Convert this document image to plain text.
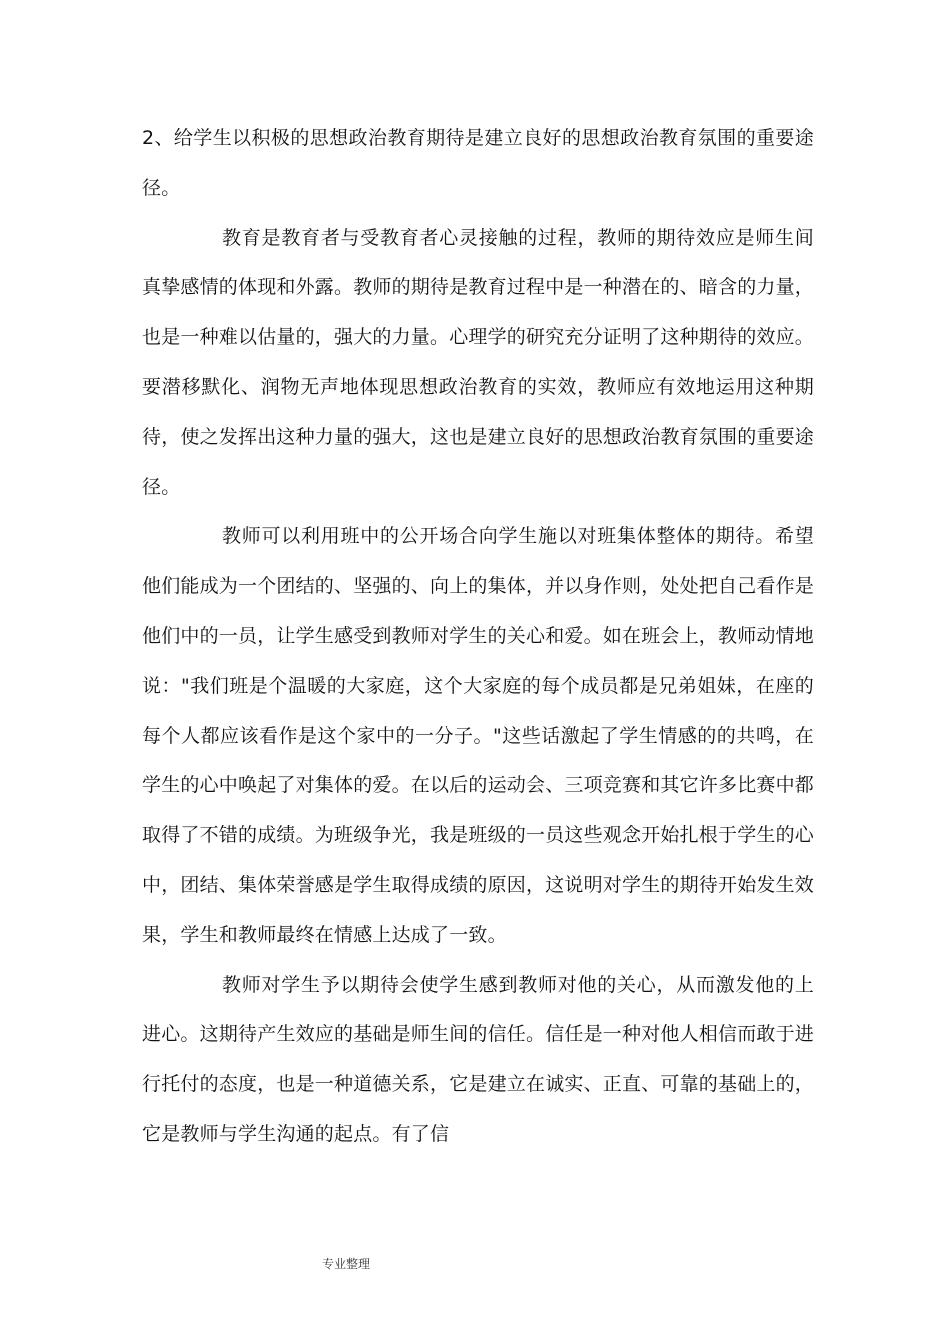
2、给学生以积极的思想政治教育期待是建立良好的思想政治教育氛围的重要途径。

教育是教育者与受教育者心灵接触的过程，教师的期待效应是师生间真挚感情的体现和外露。教师的期待是教育过程中是一种潜在的、暗含的力量，也是一种难以估量的，强大的力量。心理学的研究充分证明了这种期待的效应。要潜移默化、润物无声地体现思想政治教育的实效，教师应有效地运用这种期待，使之发挥出这种力量的强大，这也是建立良好的思想政治教育氛围的重要途径。

教师可以利用班中的公开场合向学生施以对班集体整体的期待。希望他们能成为一个团结的、坚强的、向上的集体，并以身作则，处处把自己看作是他们中的一员，让学生感受到教师对学生的关心和爱。如在班会上，教师动情地说："我们班是个温暖的大家庭，这个大家庭的每个成员都是兄弟姐妹，在座的每个人都应该看作是这个家中的一分子。"这些话激起了学生情感的的共鸣，在学生的心中唤起了对集体的爱。在以后的运动会、三项竞赛和其它许多比赛中都取得了不错的成绩。为班级争光，我是班级的一员这些观念开始扎根于学生的心中，团结、集体荣誉感是学生取得成绩的原因，这说明对学生的期待开始发生效果，学生和教师最终在情感上达成了一致。

教师对学生予以期待会使学生感到教师对他的关心，从而激发他的上进心。这期待产生效应的基础是师生间的信任。信任是一种对他人相信而敢于进行托付的态度，也是一种道德关系，它是建立在诚实、正直、可靠的基础上的，它是教师与学生沟通的起点。有了信

专业整理
